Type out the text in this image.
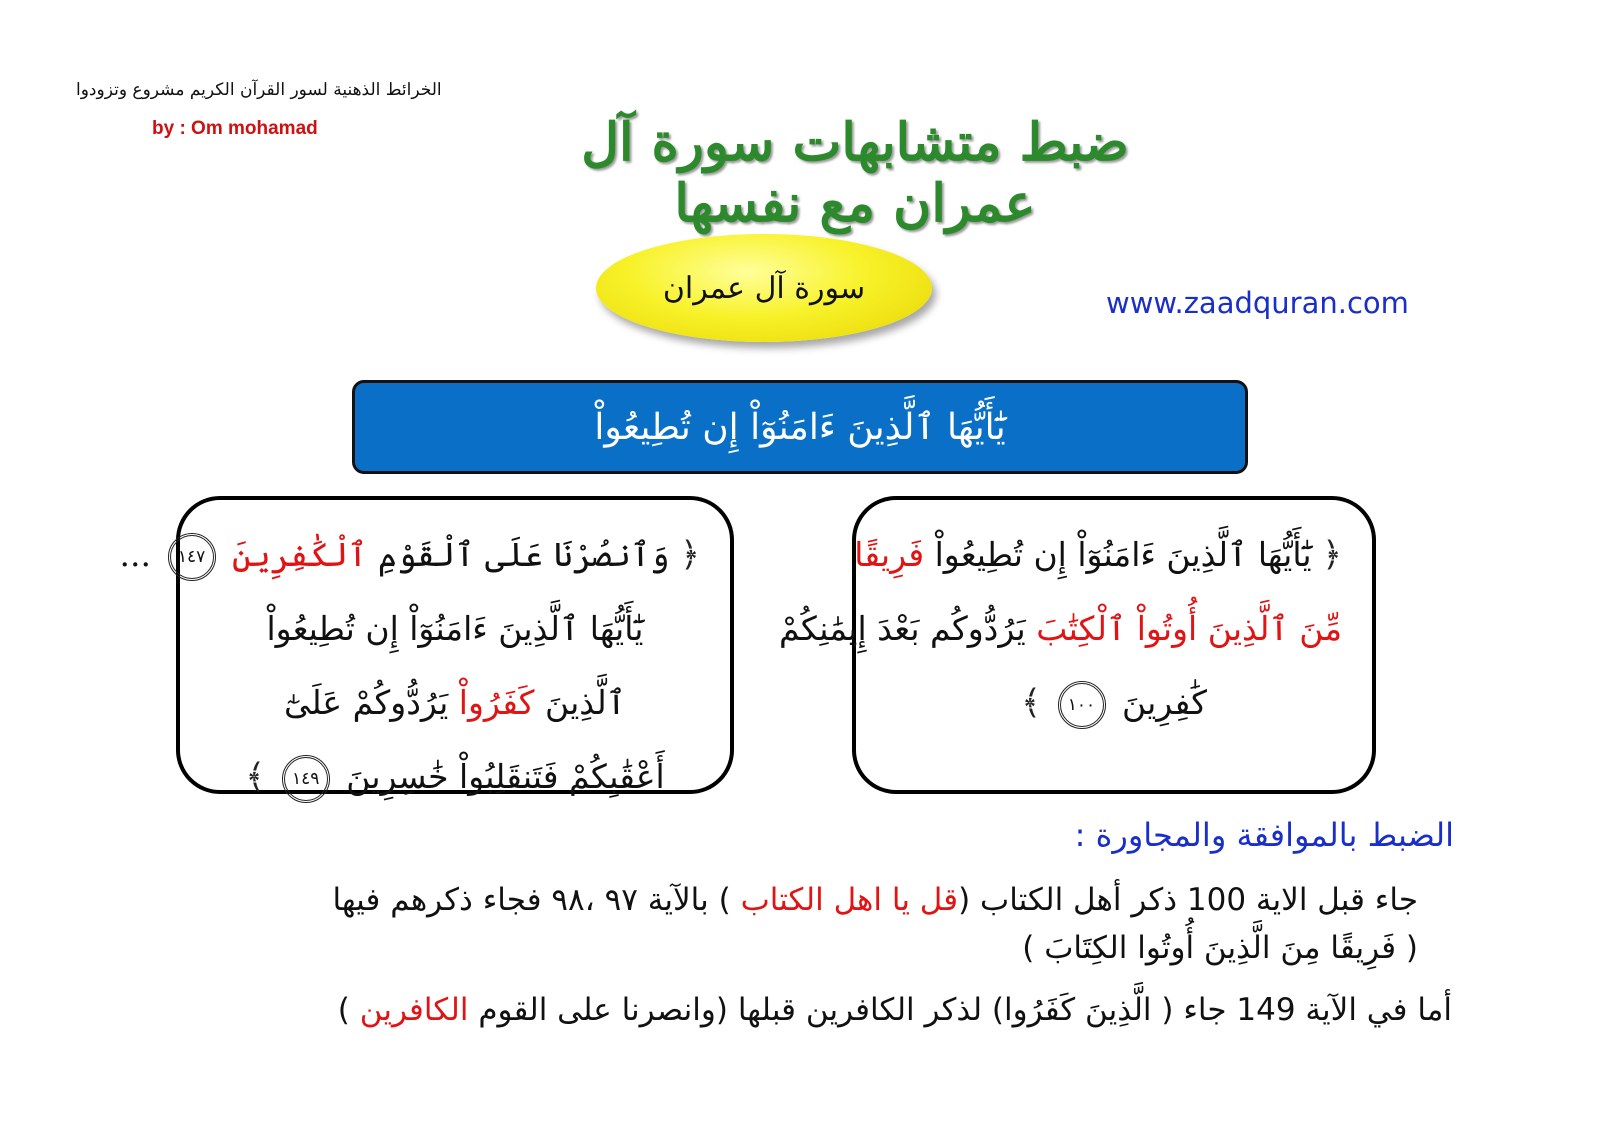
الخرائط الذهنية لسور القرآن الكريم مشروع وتزودوا
by : Om mohamad	ضبط متشابهات سورة آل عمران مع نفسها
سورة آل عمران	www.zaadquran.com
يَٰٓأَيُّهَا ٱلَّذِينَ ءَامَنُوٓاْ إِن تُطِيعُواْ
﴿ يَٰٓأَيُّهَا ٱلَّذِينَ ءَامَنُوٓاْ إِن تُطِيعُواْ فَرِيقًا
مِّنَ ٱلَّذِينَ أُوتُواْ ٱلْكِتَٰبَ يَرُدُّوكُم بَعْدَ إِيمَٰنِكُمْ
كَٰفِرِينَ ١٠٠ ﴾
﴿ وَٱنصُرْنَا عَلَى ٱلْقَوْمِ ٱلْكَٰفِرِينَ ١٤٧ ...
يَٰٓأَيُّهَا ٱلَّذِينَ ءَامَنُوٓاْ إِن تُطِيعُواْ
ٱلَّذِينَ كَفَرُواْ يَرُدُّوكُمْ عَلَىٰٓ
أَعْقَٰبِكُمْ فَتَنقَلِبُواْ خَٰسِرِينَ ١٤٩ ﴾
الضبط بالموافقة والمجاورة :
جاء قبل الاية 100 ذكر أهل الكتاب (قل يا اهل الكتاب ) بالآية ٩٧ ،٩٨ فجاء ذكرهم فيها
( فَرِيقًا مِنَ الَّذِينَ أُوتُوا الكِتَابَ )
أما في الآية 149 جاء ( الَّذِينَ كَفَرُوا) لذكر الكافرين قبلها (وانصرنا على القوم الكافرين )
